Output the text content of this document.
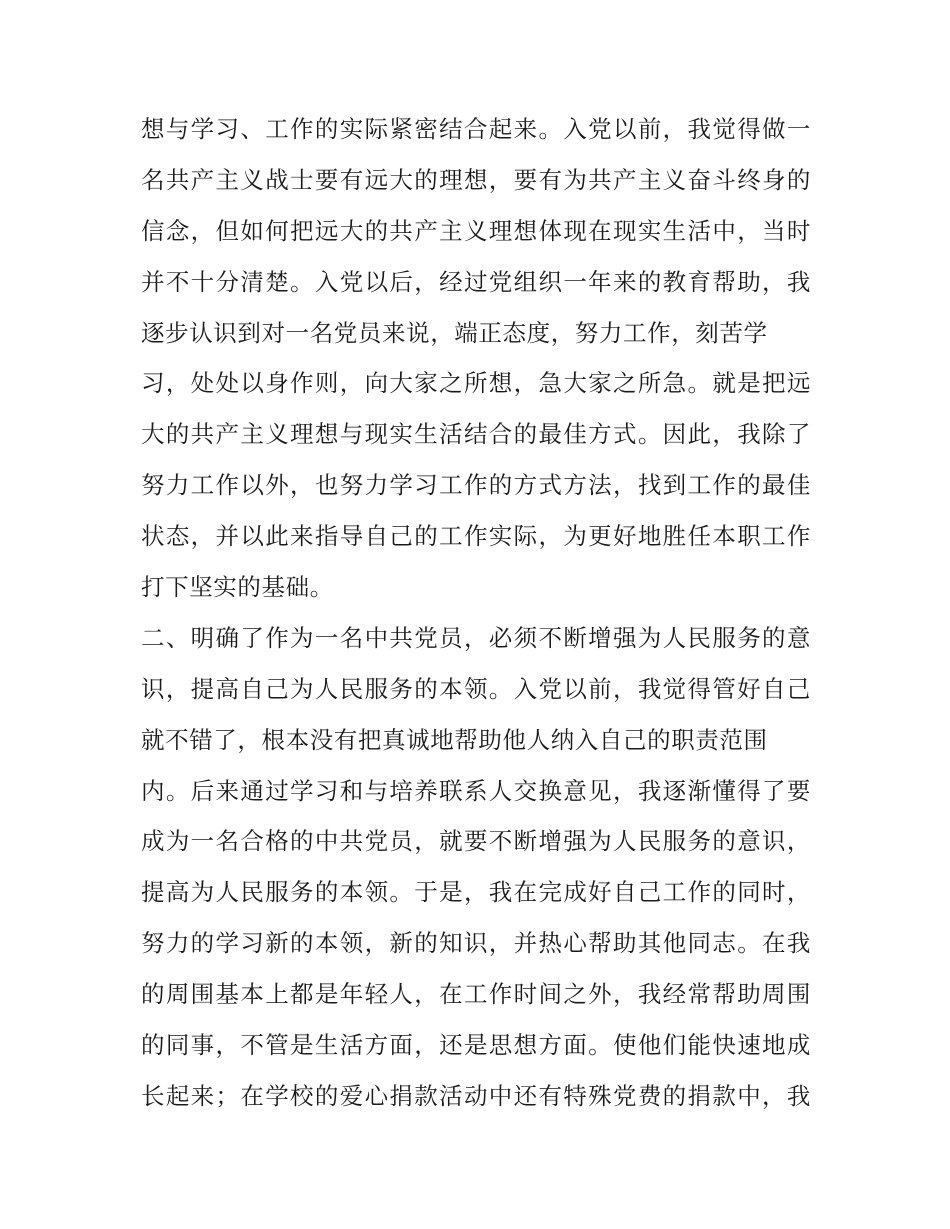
想与学习、工作的实际紧密结合起来。入党以前，我觉得做一
名共产主义战士要有远大的理想，要有为共产主义奋斗终身的
信念，但如何把远大的共产主义理想体现在现实生活中，当时
并不十分清楚。入党以后，经过党组织一年来的教育帮助，我
逐步认识到对一名党员来说，端正态度，努力工作，刻苦学
习，处处以身作则，向大家之所想，急大家之所急。就是把远
大的共产主义理想与现实生活结合的最佳方式。因此，我除了
努力工作以外，也努力学习工作的方式方法，找到工作的最佳
状态，并以此来指导自己的工作实际，为更好地胜任本职工作
打下坚实的基础。
二、明确了作为一名中共党员，必须不断增强为人民服务的意
识，提高自己为人民服务的本领。入党以前，我觉得管好自己
就不错了，根本没有把真诚地帮助他人纳入自己的职责范围
内。后来通过学习和与培养联系人交换意见，我逐渐懂得了要
成为一名合格的中共党员，就要不断增强为人民服务的意识，
提高为人民服务的本领。于是，我在完成好自己工作的同时，
努力的学习新的本领，新的知识，并热心帮助其他同志。在我
的周围基本上都是年轻人，在工作时间之外，我经常帮助周围
的同事，不管是生活方面，还是思想方面。使他们能快速地成
长起来；在学校的爱心捐款活动中还有特殊党费的捐款中，我
